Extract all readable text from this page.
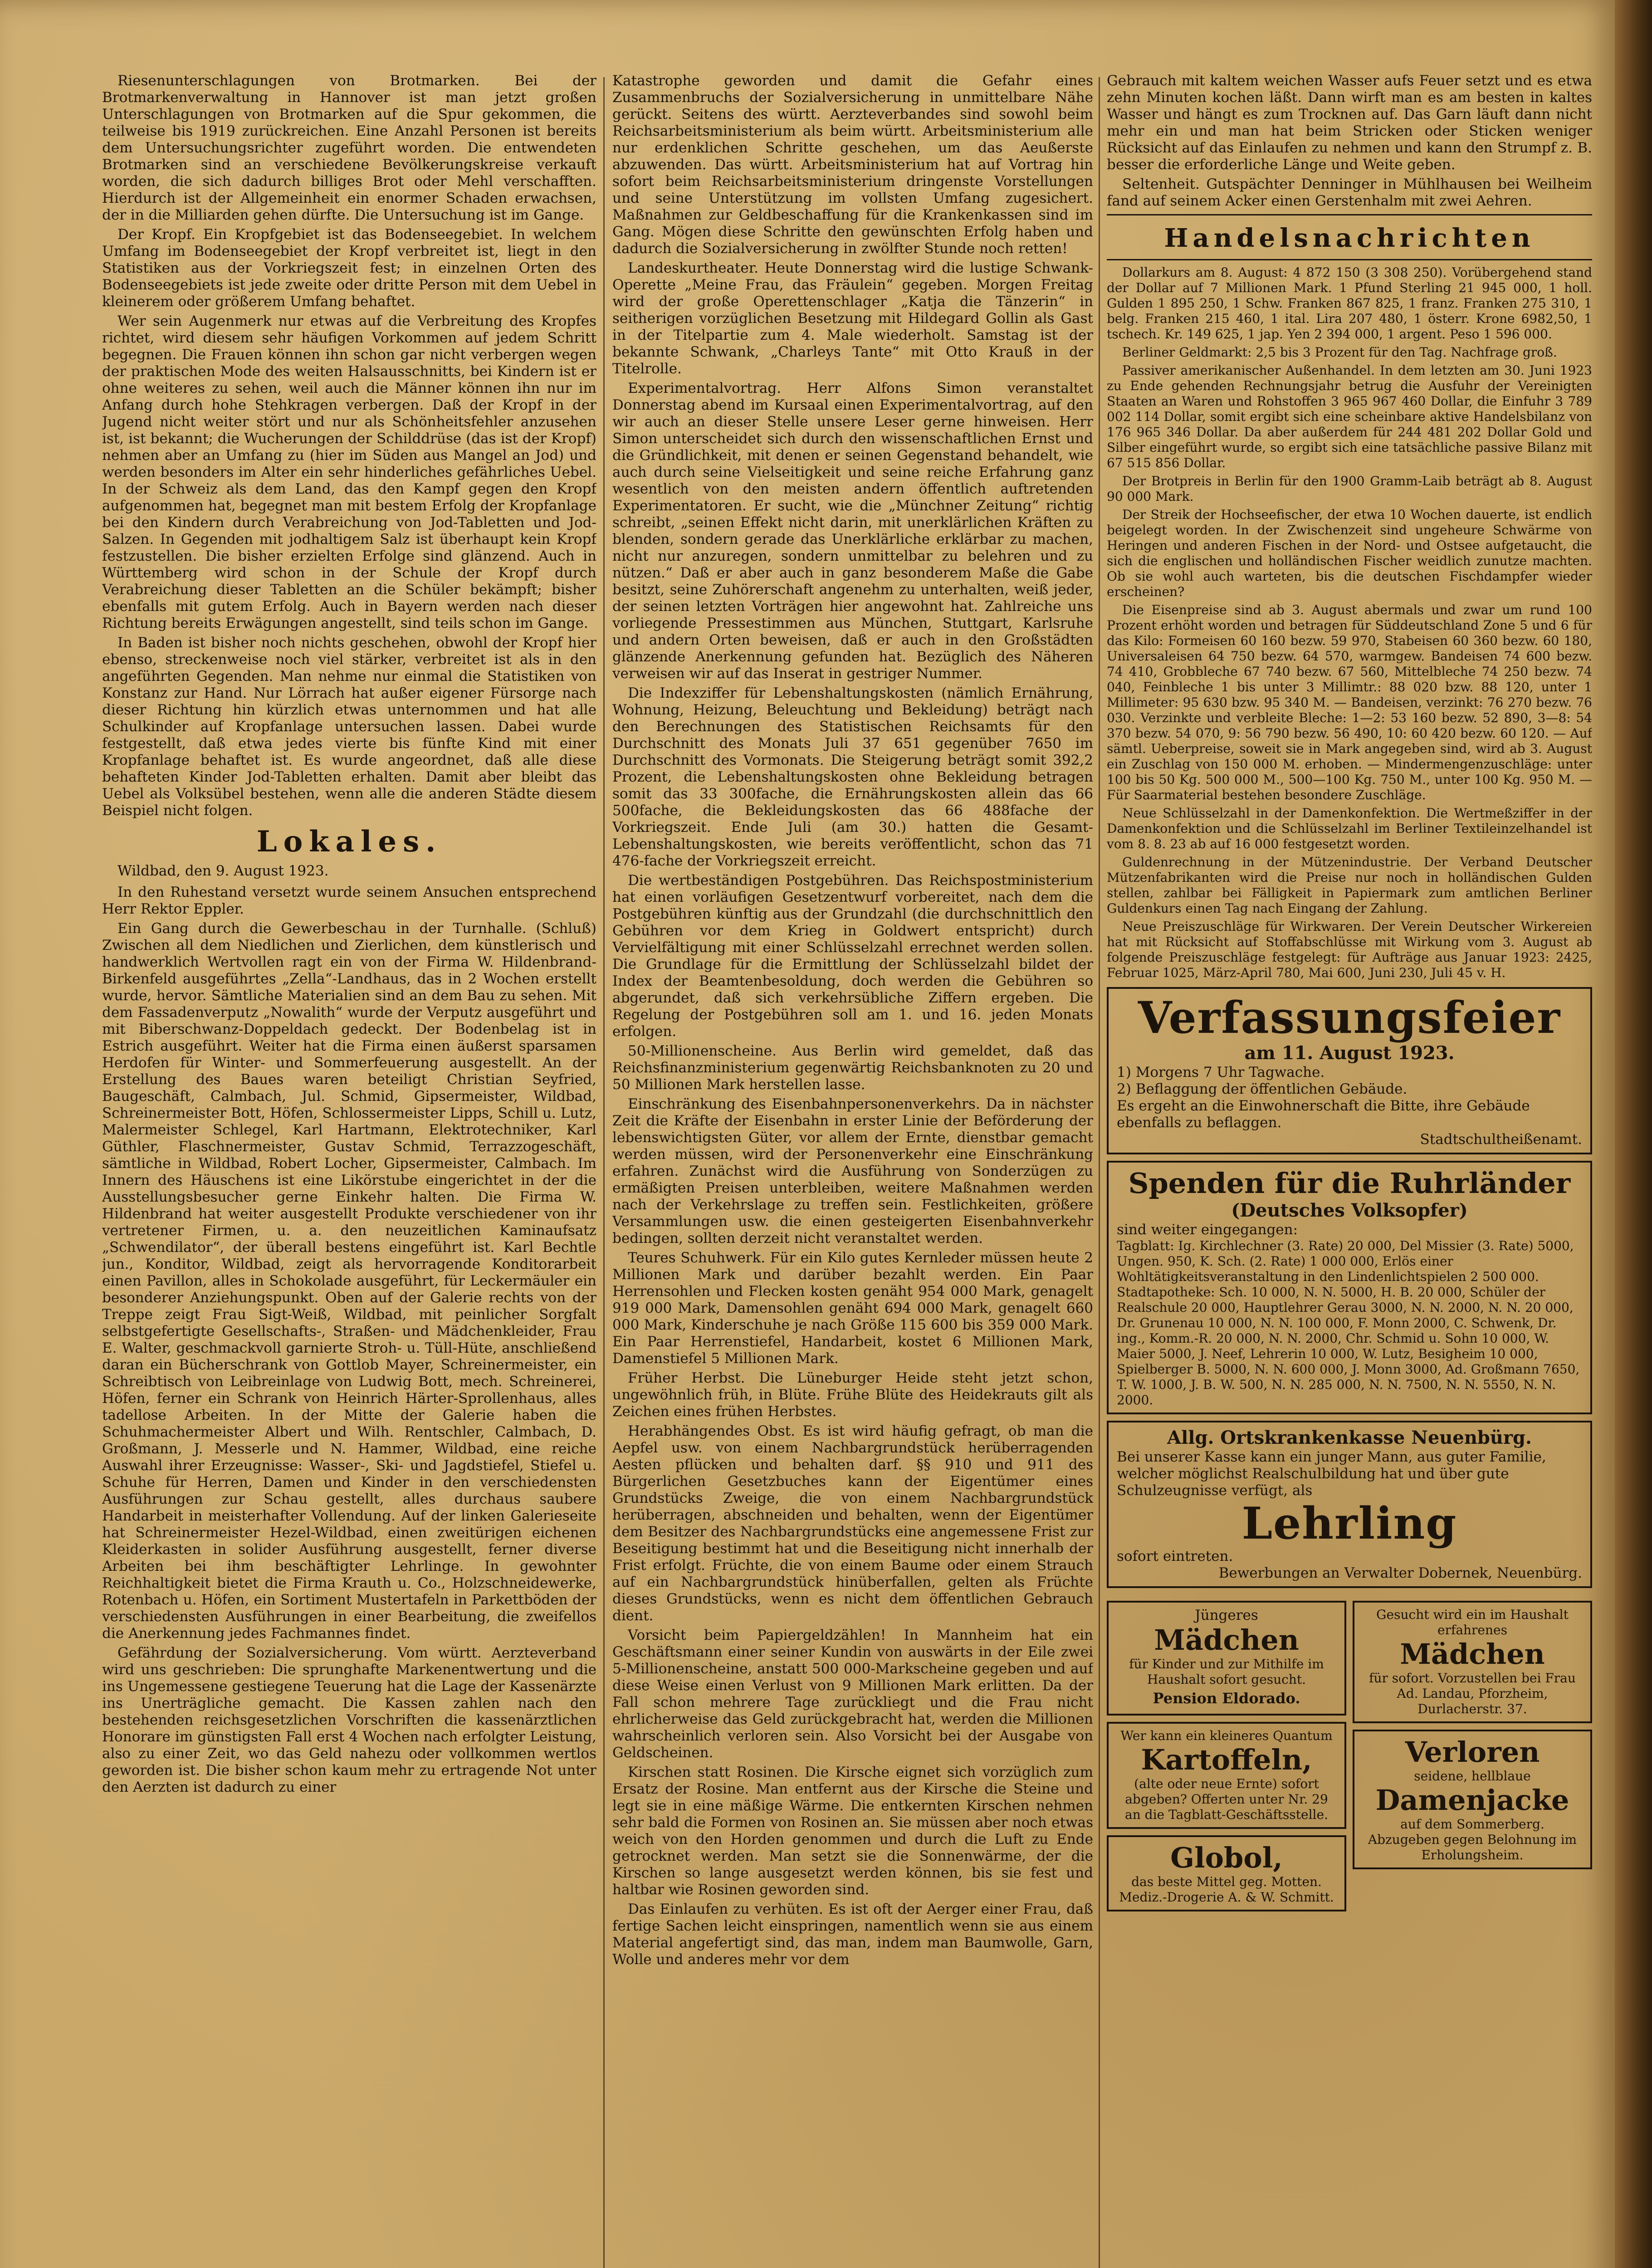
Riesenunterschlagungen von Brotmarken. Bei der Brotmarkenverwaltung in Hannover ist man jetzt großen Unterschlagungen von Brotmarken auf die Spur gekommen, die teilweise bis 1919 zurückreichen. Eine Anzahl Personen ist bereits dem Untersuchungsrichter zugeführt worden. Die entwendeten Brotmarken sind an verschiedene Bevölkerungskreise verkauft worden, die sich dadurch billiges Brot oder Mehl verschafften. Hierdurch ist der Allgemeinheit ein enormer Schaden erwachsen, der in die Milliarden gehen dürfte. Die Untersuchung ist im Gange.

Der Kropf. Ein Kropfgebiet ist das Bodenseegebiet. In welchem Umfang im Bodenseegebiet der Kropf verbreitet ist, liegt in den Statistiken aus der Vorkriegszeit fest; in einzelnen Orten des Bodenseegebiets ist jede zweite oder dritte Person mit dem Uebel in kleinerem oder größerem Umfang behaftet.

Wer sein Augenmerk nur etwas auf die Verbreitung des Kropfes richtet, wird diesem sehr häufigen Vorkommen auf jedem Schritt begegnen. Die Frauen können ihn schon gar nicht verbergen wegen der praktischen Mode des weiten Halsausschnitts, bei Kindern ist er ohne weiteres zu sehen, weil auch die Männer können ihn nur im Anfang durch hohe Stehkragen verbergen. Daß der Kropf in der Jugend nicht weiter stört und nur als Schönheitsfehler anzusehen ist, ist bekannt; die Wucherungen der Schilddrüse (das ist der Kropf) nehmen aber an Umfang zu (hier im Süden aus Mangel an Jod) und werden besonders im Alter ein sehr hinderliches gefährliches Uebel. In der Schweiz als dem Land, das den Kampf gegen den Kropf aufgenommen hat, begegnet man mit bestem Erfolg der Kropfanlage bei den Kindern durch Verabreichung von Jod-Tabletten und Jod-Salzen. In Gegenden mit jodhaltigem Salz ist überhaupt kein Kropf festzustellen. Die bisher erzielten Erfolge sind glänzend. Auch in Württemberg wird schon in der Schule der Kropf durch Verabreichung dieser Tabletten an die Schüler bekämpft; bisher ebenfalls mit gutem Erfolg. Auch in Bayern werden nach dieser Richtung bereits Erwägungen angestellt, sind teils schon im Gange.

In Baden ist bisher noch nichts geschehen, obwohl der Kropf hier ebenso, streckenweise noch viel stärker, verbreitet ist als in den angeführten Gegenden. Man nehme nur einmal die Statistiken von Konstanz zur Hand. Nur Lörrach hat außer eigener Fürsorge nach dieser Richtung hin kürzlich etwas unternommen und hat alle Schulkinder auf Kropfanlage untersuchen lassen. Dabei wurde festgestellt, daß etwa jedes vierte bis fünfte Kind mit einer Kropfanlage behaftet ist. Es wurde angeordnet, daß alle diese behafteten Kinder Jod-Tabletten erhalten. Damit aber bleibt das Uebel als Volksübel bestehen, wenn alle die anderen Städte diesem Beispiel nicht folgen.

Lokales.

Wildbad, den 9. August 1923.

In den Ruhestand versetzt wurde seinem Ansuchen entsprechend Herr Rektor Eppler.

Ein Gang durch die Gewerbeschau in der Turnhalle. (Schluß) Zwischen all dem Niedlichen und Zierlichen, dem künstlerisch und handwerklich Wertvollen ragt ein von der Firma W. Hildenbrand-Birkenfeld ausgeführtes „Zella“-Landhaus, das in 2 Wochen erstellt wurde, hervor. Sämtliche Materialien sind an dem Bau zu sehen. Mit dem Fassadenverputz „Nowalith“ wurde der Verputz ausgeführt und mit Biberschwanz-Doppeldach gedeckt. Der Bodenbelag ist in Estrich ausgeführt. Weiter hat die Firma einen äußerst sparsamen Herdofen für Winter- und Sommerfeuerung ausgestellt. An der Erstellung des Baues waren beteiligt Christian Seyfried, Baugeschäft, Calmbach, Jul. Schmid, Gipsermeister, Wildbad, Schreinermeister Bott, Höfen, Schlossermeister Lipps, Schill u. Lutz, Malermeister Schlegel, Karl Hartmann, Elektrotechniker, Karl Güthler, Flaschnermeister, Gustav Schmid, Terrazzogeschäft, sämtliche in Wildbad, Robert Locher, Gipsermeister, Calmbach. Im Innern des Häuschens ist eine Likörstube eingerichtet in der die Ausstellungsbesucher gerne Einkehr halten. Die Firma W. Hildenbrand hat weiter ausgestellt Produkte verschiedener von ihr vertretener Firmen, u. a. den neuzeitlichen Kaminaufsatz „Schwendilator“, der überall bestens eingeführt ist. Karl Bechtle jun., Konditor, Wildbad, zeigt als hervorragende Konditorarbeit einen Pavillon, alles in Schokolade ausgeführt, für Leckermäuler ein besonderer Anziehungspunkt. Oben auf der Galerie rechts von der Treppe zeigt Frau Sigt-Weiß, Wildbad, mit peinlicher Sorgfalt selbstgefertigte Gesellschafts-, Straßen- und Mädchenkleider, Frau E. Walter, geschmackvoll garnierte Stroh- u. Tüll-Hüte, anschließend daran ein Bücherschrank von Gottlob Mayer, Schreinermeister, ein Schreibtisch von Leibreinlage von Ludwig Bott, mech. Schreinerei, Höfen, ferner ein Schrank von Heinrich Härter-Sprollenhaus, alles tadellose Arbeiten. In der Mitte der Galerie haben die Schuhmachermeister Albert und Wilh. Rentschler, Calmbach, D. Großmann, J. Messerle und N. Hammer, Wildbad, eine reiche Auswahl ihrer Erzeugnisse: Wasser-, Ski- und Jagdstiefel, Stiefel u. Schuhe für Herren, Damen und Kinder in den verschiedensten Ausführungen zur Schau gestellt, alles durchaus saubere Handarbeit in meisterhafter Vollendung. Auf der linken Galerieseite hat Schreinermeister Hezel-Wildbad, einen zweitürigen eichenen Kleiderkasten in solider Ausführung ausgestellt, ferner diverse Arbeiten bei ihm beschäftigter Lehrlinge. In gewohnter Reichhaltigkeit bietet die Firma Krauth u. Co., Holzschneidewerke, Rotenbach u. Höfen, ein Sortiment Mustertafeln in Parkettböden der verschiedensten Ausführungen in einer Bearbeitung, die zweifellos die Anerkennung jedes Fachmannes findet.

Gefährdung der Sozialversicherung. Vom württ. Aerzteverband wird uns geschrieben: Die sprunghafte Markenentwertung und die ins Ungemessene gestiegene Teuerung hat die Lage der Kassenärzte ins Unerträgliche gemacht. Die Kassen zahlen nach den bestehenden reichsgesetzlichen Vorschriften die kassenärztlichen Honorare im günstigsten Fall erst 4 Wochen nach erfolgter Leistung, also zu einer Zeit, wo das Geld nahezu oder vollkommen wertlos geworden ist. Die bisher schon kaum mehr zu ertragende Not unter den Aerzten ist dadurch zu einer

Katastrophe geworden und damit die Gefahr eines Zusammenbruchs der Sozialversicherung in unmittelbare Nähe gerückt. Seitens des württ. Aerzteverbandes sind sowohl beim Reichsarbeitsministerium als beim württ. Arbeitsministerium alle nur erdenklichen Schritte geschehen, um das Aeußerste abzuwenden. Das württ. Arbeitsministerium hat auf Vortrag hin sofort beim Reichsarbeitsministerium dringenste Vorstellungen und seine Unterstützung im vollsten Umfang zugesichert. Maßnahmen zur Geldbeschaffung für die Krankenkassen sind im Gang. Mögen diese Schritte den gewünschten Erfolg haben und dadurch die Sozialversicherung in zwölfter Stunde noch retten!

Landeskurtheater. Heute Donnerstag wird die lustige Schwank-Operette „Meine Frau, das Fräulein“ gegeben. Morgen Freitag wird der große Operettenschlager „Katja die Tänzerin“ in seitherigen vorzüglichen Besetzung mit Hildegard Gollin als Gast in der Titelpartie zum 4. Male wiederholt. Samstag ist der bekannte Schwank, „Charleys Tante“ mit Otto Krauß in der Titelrolle.

Experimentalvortrag. Herr Alfons Simon veranstaltet Donnerstag abend im Kursaal einen Experimentalvortrag, auf den wir auch an dieser Stelle unsere Leser gerne hinweisen. Herr Simon unterscheidet sich durch den wissenschaftlichen Ernst und die Gründlichkeit, mit denen er seinen Gegenstand behandelt, wie auch durch seine Vielseitigkeit und seine reiche Erfahrung ganz wesentlich von den meisten andern öffentlich auftretenden Experimentatoren. Er sucht, wie die „Münchner Zeitung“ richtig schreibt, „seinen Effekt nicht darin, mit unerklärlichen Kräften zu blenden, sondern gerade das Unerklärliche erklärbar zu machen, nicht nur anzuregen, sondern unmittelbar zu belehren und zu nützen.“ Daß er aber auch in ganz besonderem Maße die Gabe besitzt, seine Zuhörerschaft angenehm zu unterhalten, weiß jeder, der seinen letzten Vorträgen hier angewohnt hat. Zahlreiche uns vorliegende Pressestimmen aus München, Stuttgart, Karlsruhe und andern Orten beweisen, daß er auch in den Großstädten glänzende Anerkennung gefunden hat. Bezüglich des Näheren verweisen wir auf das Inserat in gestriger Nummer.

Die Indexziffer für Lebenshaltungskosten (nämlich Ernährung, Wohnung, Heizung, Beleuchtung und Bekleidung) beträgt nach den Berechnungen des Statistischen Reichsamts für den Durchschnitt des Monats Juli 37 651 gegenüber 7650 im Durchschnitt des Vormonats. Die Steigerung beträgt somit 392,2 Prozent, die Lebenshaltungskosten ohne Bekleidung betragen somit das 33 300fache, die Ernährungskosten allein das 66 500fache, die Bekleidungskosten das 66 488fache der Vorkriegszeit. Ende Juli (am 30.) hatten die Gesamt-Lebenshaltungskosten, wie bereits veröffentlicht, schon das 71 476-fache der Vorkriegszeit erreicht.

Die wertbeständigen Postgebühren. Das Reichspostministerium hat einen vorläufigen Gesetzentwurf vorbereitet, nach dem die Postgebühren künftig aus der Grundzahl (die durchschnittlich den Gebühren vor dem Krieg in Goldwert entspricht) durch Vervielfältigung mit einer Schlüsselzahl errechnet werden sollen. Die Grundlage für die Ermittlung der Schlüsselzahl bildet der Index der Beamtenbesoldung, doch werden die Gebühren so abgerundet, daß sich verkehrsübliche Ziffern ergeben. Die Regelung der Postgebühren soll am 1. und 16. jeden Monats erfolgen.

50-Millionenscheine. Aus Berlin wird gemeldet, daß das Reichsfinanzministerium gegenwärtig Reichsbanknoten zu 20 und 50 Millionen Mark herstellen lasse.

Einschränkung des Eisenbahnpersonenverkehrs. Da in nächster Zeit die Kräfte der Eisenbahn in erster Linie der Beförderung der lebenswichtigsten Güter, vor allem der Ernte, dienstbar gemacht werden müssen, wird der Personenverkehr eine Einschränkung erfahren. Zunächst wird die Ausführung von Sonderzügen zu ermäßigten Preisen unterbleiben, weitere Maßnahmen werden nach der Verkehrslage zu treffen sein. Festlichkeiten, größere Versammlungen usw. die einen gesteigerten Eisenbahnverkehr bedingen, sollten derzeit nicht veranstaltet werden.

Teures Schuhwerk. Für ein Kilo gutes Kernleder müssen heute 2 Millionen Mark und darüber bezahlt werden. Ein Paar Herrensohlen und Flecken kosten genäht 954 000 Mark, genagelt 919 000 Mark, Damensohlen genäht 694 000 Mark, genagelt 660 000 Mark, Kinderschuhe je nach Größe 115 600 bis 359 000 Mark. Ein Paar Herrenstiefel, Handarbeit, kostet 6 Millionen Mark, Damenstiefel 5 Millionen Mark.

Früher Herbst. Die Lüneburger Heide steht jetzt schon, ungewöhnlich früh, in Blüte. Frühe Blüte des Heidekrauts gilt als Zeichen eines frühen Herbstes.

Herabhängendes Obst. Es ist wird häufig gefragt, ob man die Aepfel usw. von einem Nachbargrundstück herüberragenden Aesten pflücken und behalten darf. §§ 910 und 911 des Bürgerlichen Gesetzbuches kann der Eigentümer eines Grundstücks Zweige, die von einem Nachbargrundstück herüberragen, abschneiden und behalten, wenn der Eigentümer dem Besitzer des Nachbargrundstücks eine angemessene Frist zur Beseitigung bestimmt hat und die Beseitigung nicht innerhalb der Frist erfolgt. Früchte, die von einem Baume oder einem Strauch auf ein Nachbargrundstück hinüberfallen, gelten als Früchte dieses Grundstücks, wenn es nicht dem öffentlichen Gebrauch dient.

Vorsicht beim Papiergeldzählen! In Mannheim hat ein Geschäftsmann einer seiner Kundin von auswärts in der Eile zwei 5-Millionenscheine, anstatt 500 000-Markscheine gegeben und auf diese Weise einen Verlust von 9 Millionen Mark erlitten. Da der Fall schon mehrere Tage zurückliegt und die Frau nicht ehrlicherweise das Geld zurückgebracht hat, werden die Millionen wahrscheinlich verloren sein. Also Vorsicht bei der Ausgabe von Geldscheinen.

Kirschen statt Rosinen. Die Kirsche eignet sich vorzüglich zum Ersatz der Rosine. Man entfernt aus der Kirsche die Steine und legt sie in eine mäßige Wärme. Die entkernten Kirschen nehmen sehr bald die Formen von Rosinen an. Sie müssen aber noch etwas weich von den Horden genommen und durch die Luft zu Ende getrocknet werden. Man setzt sie die Sonnenwärme, der die Kirschen so lange ausgesetzt werden können, bis sie fest und haltbar wie Rosinen geworden sind.

Das Einlaufen zu verhüten. Es ist oft der Aerger einer Frau, daß fertige Sachen leicht einspringen, namentlich wenn sie aus einem Material angefertigt sind, das man, indem man Baumwolle, Garn, Wolle und anderes mehr vor dem

Gebrauch mit kaltem weichen Wasser aufs Feuer setzt und es etwa zehn Minuten kochen läßt. Dann wirft man es am besten in kaltes Wasser und hängt es zum Trocknen auf. Das Garn läuft dann nicht mehr ein und man hat beim Stricken oder Sticken weniger Rücksicht auf das Einlaufen zu nehmen und kann den Strumpf z. B. besser die erforderliche Länge und Weite geben.

Seltenheit. Gutspächter Denninger in Mühlhausen bei Weilheim fand auf seinem Acker einen Gerstenhalm mit zwei Aehren.

Handelsnachrichten

Dollarkurs am 8. August: 4 872 150 (3 308 250). Vorübergehend stand der Dollar auf 7 Millionen Mark. 1 Pfund Sterling 21 945 000, 1 holl. Gulden 1 895 250, 1 Schw. Franken 867 825, 1 franz. Franken 275 310, 1 belg. Franken 215 460, 1 ital. Lira 207 480, 1 österr. Krone 6982,50, 1 tschech. Kr. 149 625, 1 jap. Yen 2 394 000, 1 argent. Peso 1 596 000.

Berliner Geldmarkt: 2,5 bis 3 Prozent für den Tag. Nachfrage groß.

Passiver amerikanischer Außenhandel. In dem letzten am 30. Juni 1923 zu Ende gehenden Rechnungsjahr betrug die Ausfuhr der Vereinigten Staaten an Waren und Rohstoffen 3 965 967 460 Dollar, die Einfuhr 3 789 002 114 Dollar, somit ergibt sich eine scheinbare aktive Handelsbilanz von 176 965 346 Dollar. Da aber außerdem für 244 481 202 Dollar Gold und Silber eingeführt wurde, so ergibt sich eine tatsächliche passive Bilanz mit 67 515 856 Dollar.

Der Brotpreis in Berlin für den 1900 Gramm-Laib beträgt ab 8. August 90 000 Mark.

Der Streik der Hochseefischer, der etwa 10 Wochen dauerte, ist endlich beigelegt worden. In der Zwischenzeit sind ungeheure Schwärme von Heringen und anderen Fischen in der Nord- und Ostsee aufgetaucht, die sich die englischen und holländischen Fischer weidlich zunutze machten. Ob sie wohl auch warteten, bis die deutschen Fischdampfer wieder erscheinen?

Die Eisenpreise sind ab 3. August abermals und zwar um rund 100 Prozent erhöht worden und betragen für Süddeutschland Zone 5 und 6 für das Kilo: Formeisen 60 160 bezw. 59 970, Stabeisen 60 360 bezw. 60 180, Universaleisen 64 750 bezw. 64 570, warmgew. Bandeisen 74 600 bezw. 74 410, Grobbleche 67 740 bezw. 67 560, Mittelbleche 74 250 bezw. 74 040, Feinbleche 1 bis unter 3 Millimtr.: 88 020 bzw. 88 120, unter 1 Millimeter: 95 630 bzw. 95 340 M. — Bandeisen, verzinkt: 76 270 bezw. 76 030. Verzinkte und verbleite Bleche: 1—2: 53 160 bezw. 52 890, 3—8: 54 370 bezw. 54 070, 9: 56 790 bezw. 56 490, 10: 60 420 bezw. 60 120. — Auf sämtl. Ueberpreise, soweit sie in Mark angegeben sind, wird ab 3. August ein Zuschlag von 150 000 M. erhoben. — Mindermengenzuschläge: unter 100 bis 50 Kg. 500 000 M., 500—100 Kg. 750 M., unter 100 Kg. 950 M. — Für Saarmaterial bestehen besondere Zuschläge.

Neue Schlüsselzahl in der Damenkonfektion. Die Wertmeßziffer in der Damenkonfektion und die Schlüsselzahl im Berliner Textileinzelhandel ist vom 8. 8. 23 ab auf 16 000 festgesetzt worden.

Guldenrechnung in der Mützenindustrie. Der Verband Deutscher Mützenfabrikanten wird die Preise nur noch in holländischen Gulden stellen, zahlbar bei Fälligkeit in Papiermark zum amtlichen Berliner Guldenkurs einen Tag nach Eingang der Zahlung.

Neue Preiszuschläge für Wirkwaren. Der Verein Deutscher Wirkereien hat mit Rücksicht auf Stoffabschlüsse mit Wirkung vom 3. August ab folgende Preiszuschläge festgelegt: für Aufträge aus Januar 1923: 2425, Februar 1025, März-April 780, Mai 600, Juni 230, Juli 45 v. H.

Verfassungsfeier
am 11. August 1923.
1) Morgens 7 Uhr Tagwache.
2) Beflaggung der öffentlichen Gebäude.
Es ergeht an die Einwohnerschaft die Bitte, ihre Gebäude ebenfalls zu beflaggen.
Stadtschultheißenamt.
Spenden für die Ruhrländer
(Deutsches Volksopfer)
sind weiter eingegangen:
Tagblatt: Ig. Kirchlechner (3. Rate) 20 000, Del Missier (3. Rate) 5000, Ungen. 950, K. Sch. (2. Rate) 1 000 000, Erlös einer Wohltätigkeitsveranstaltung in den Lindenlichtspielen 2 500 000.
Stadtapotheke: Sch. 10 000, N. N. 5000, H. B. 20 000, Schüler der Realschule 20 000, Hauptlehrer Gerau 3000, N. N. 2000, N. N. 20 000, Dr. Grunenau 10 000, N. N. 100 000, F. Monn 2000, C. Schwenk, Dr. ing., Komm.-R. 20 000, N. N. 2000, Chr. Schmid u. Sohn 10 000, W. Maier 5000, J. Neef, Lehrerin 10 000, W. Lutz, Besigheim 10 000, Spielberger B. 5000, N. N. 600 000, J. Monn 3000, Ad. Großmann 7650, T. W. 1000, J. B. W. 500, N. N. 285 000, N. N. 7500, N. N. 5550, N. N. 2000.
Allg. Ortskrankenkasse Neuenbürg.
Bei unserer Kasse kann ein junger Mann, aus guter Familie, welcher möglichst Realschulbildung hat und über gute Schulzeugnisse verfügt, als
Lehrling
sofort eintreten.
Bewerbungen an Verwalter Dobernek, Neuenbürg.
Jüngeres
Mädchen
für Kinder und zur Mithilfe im Haushalt sofort gesucht.
Pension Eldorado.
Wer kann ein kleineres Quantum
Kartoffeln,
(alte oder neue Ernte) sofort abgeben? Offerten unter Nr. 29 an die Tagblatt-Geschäftsstelle.
Globol,
das beste Mittel geg. Motten.
Mediz.-Drogerie A. & W. Schmitt.
Gesucht wird ein im Haushalt erfahrenes
Mädchen
für sofort. Vorzustellen bei Frau Ad. Landau, Pforzheim, Durlacherstr. 37.
Verloren
seidene, hellblaue
Damenjacke
auf dem Sommerberg. Abzugeben gegen Belohnung im Erholungsheim.
